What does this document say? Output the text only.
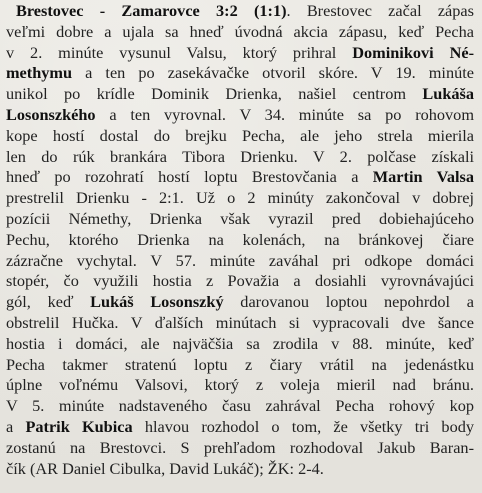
Brestovec - Zamarovce 3:2 (1:1). Brestovec začal zápas
veľmi dobre a ujala sa hneď úvodná akcia zápasu, keď Pecha
v 2. minúte vysunul Valsu, ktorý prihral Dominikovi Né-
methymu a ten po zasekávačke otvoril skóre. V 19. minúte
unikol po krídle Dominik Drienka, našiel centrom Lukáša
Losonszkého a ten vyrovnal. V 34. minúte sa po rohovom
kope hostí dostal do brejku Pecha, ale jeho strela mierila
len do rúk brankára Tibora Drienku. V 2. polčase získali
hneď po rozohratí hostí loptu Brestovčania a Martin Valsa
prestrelil Drienku - 2:1. Už o 2 minúty zakončoval v dobrej
pozícii Némethy, Drienka však vyrazil pred dobiehajúceho
Pechu, ktorého Drienka na kolenách, na bránkovej čiare
zázračne vychytal. V 57. minúte zaváhal pri odkope domáci
stopér, čo využili hostia z Považia a dosiahli vyrovnávajúci
gól, keď Lukáš Losonszký darovanou loptou nepohrdol a
obstrelil Hučka. V ďalších minútach si vypracovali dve šance
hostia i domáci, ale najväčšia sa zrodila v 88. minúte, keď
Pecha takmer stratenú loptu z čiary vrátil na jedenástku
úplne voľnému Valsovi, ktorý z voleja mieril nad bránu.
V 5. minúte nadstaveného času zahrával Pecha rohový kop
a Patrik Kubica hlavou rozhodol o tom, že všetky tri body
zostanú na Brestovci. S prehľadom rozhodoval Jakub Baran-
čík (AR Daniel Cibulka, David Lukáč); ŽK: 2-4.
